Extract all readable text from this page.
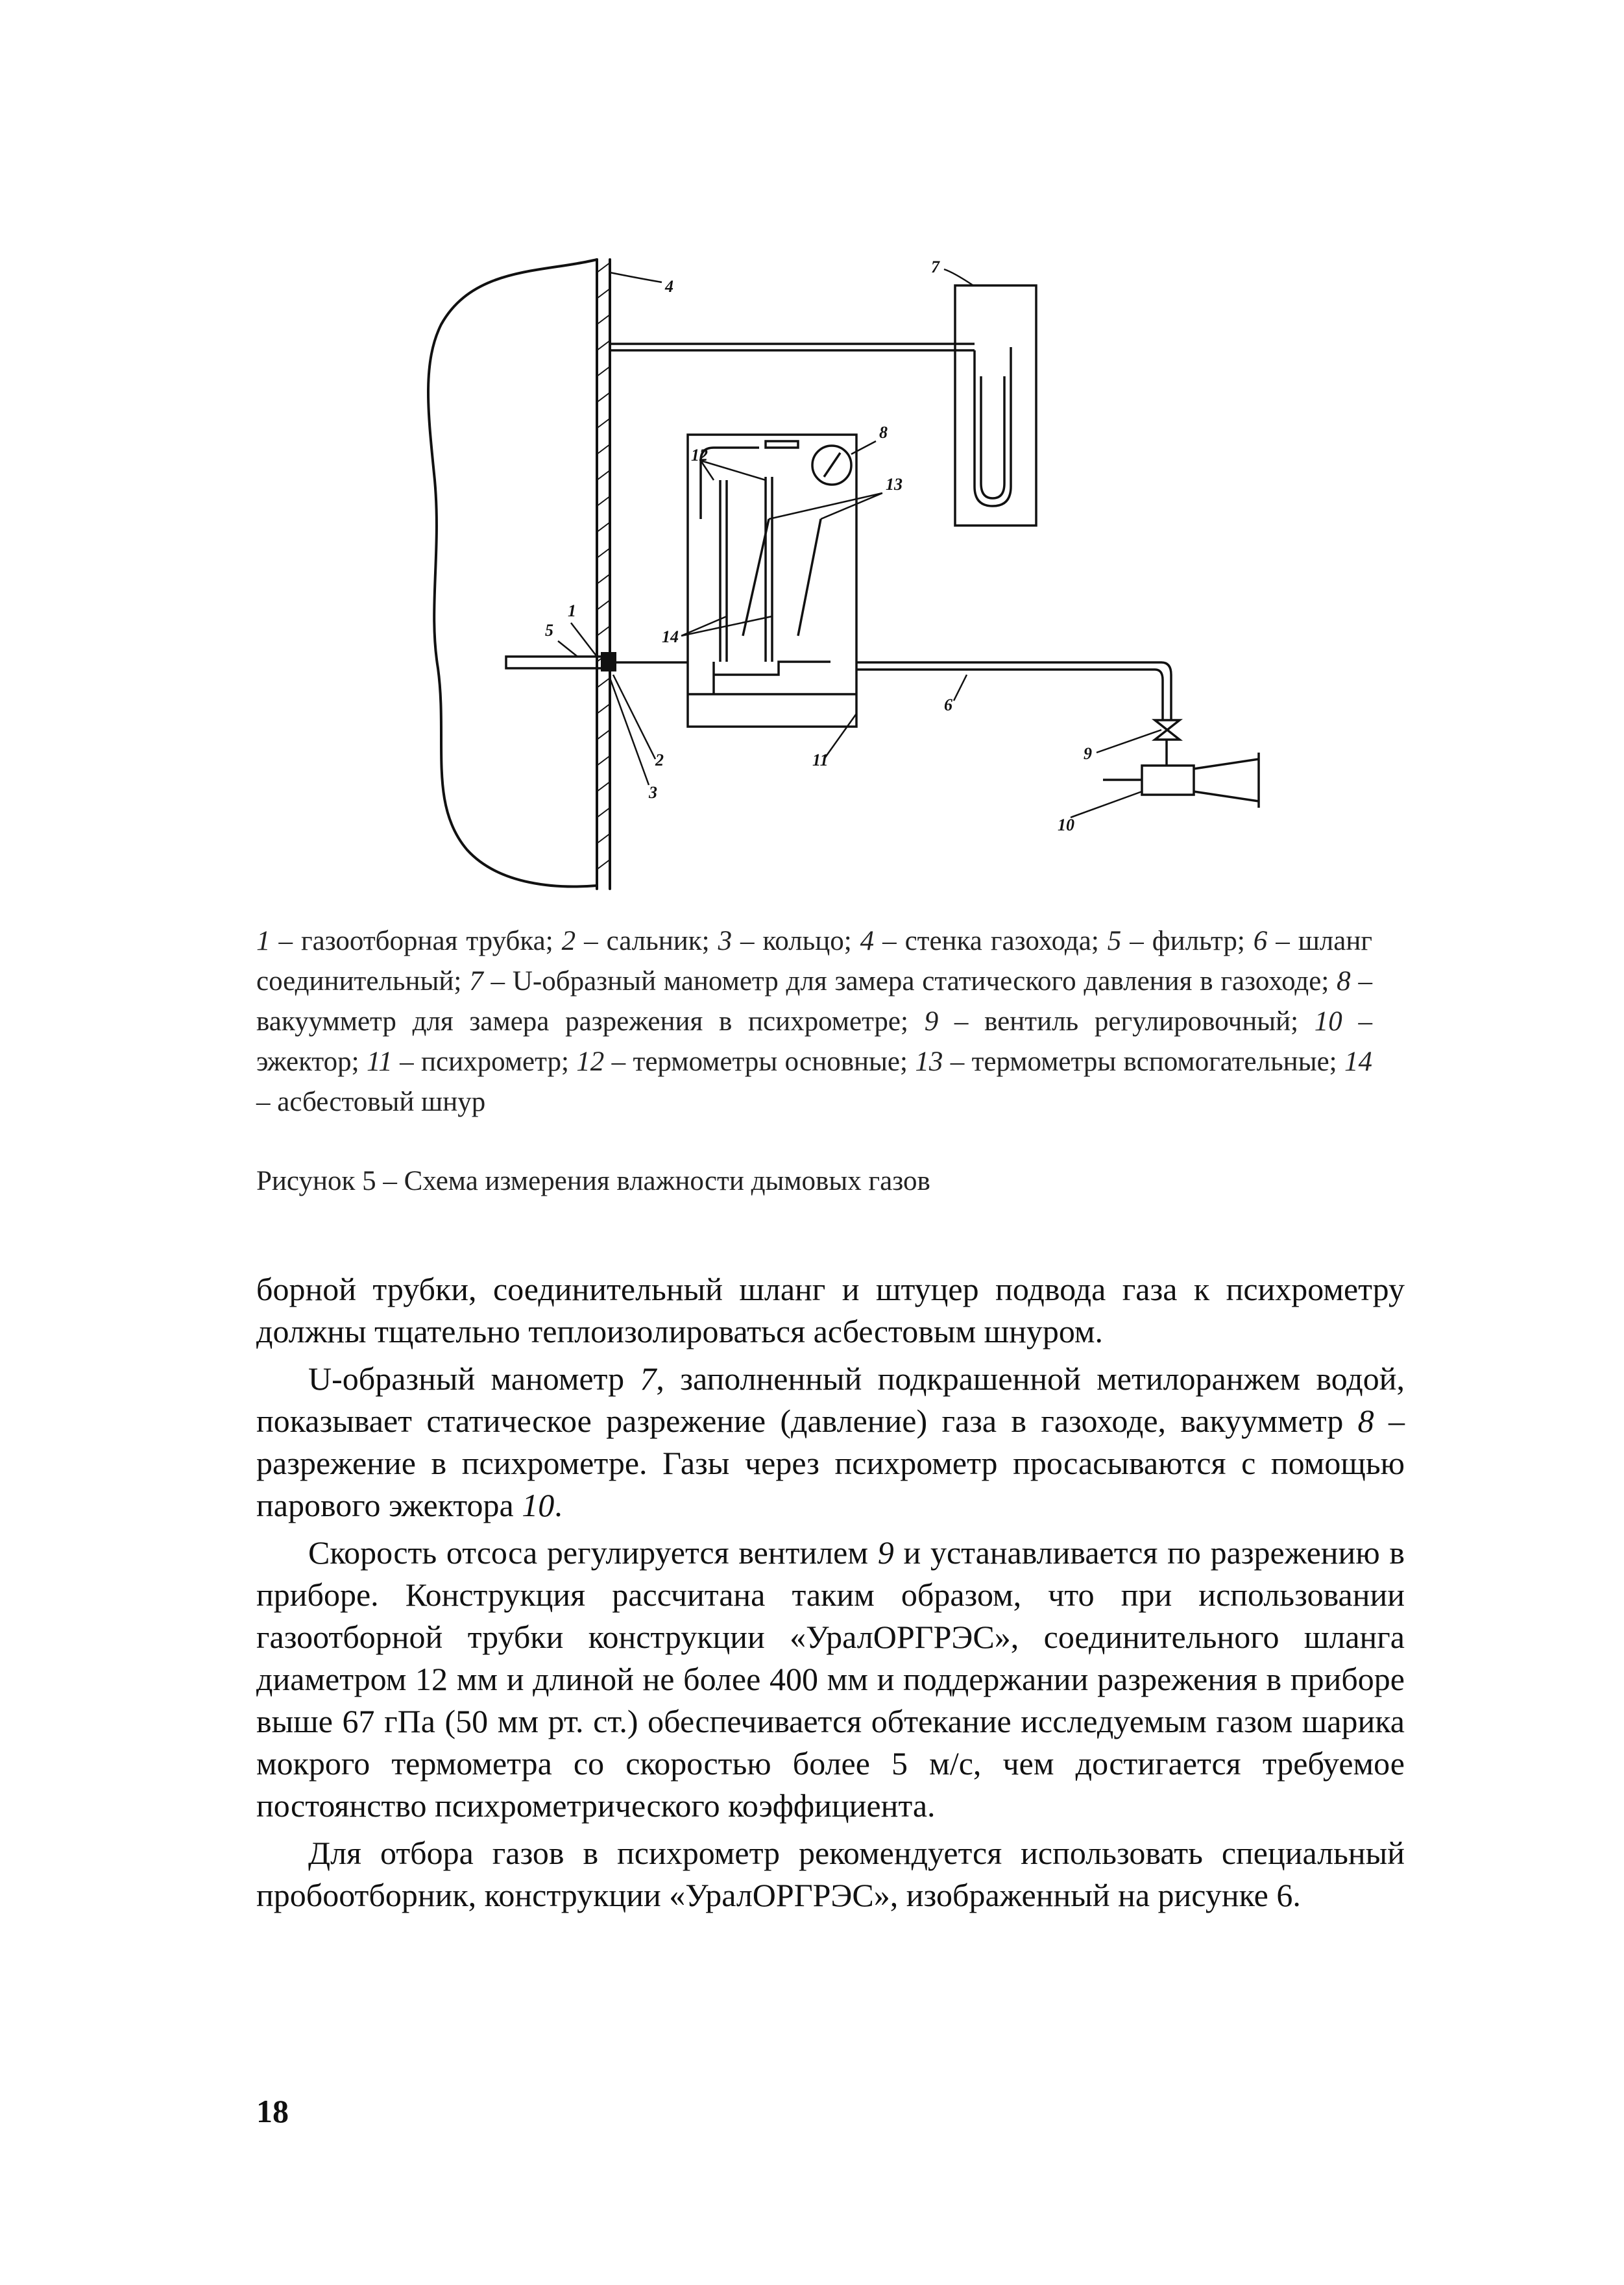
4
7
8
12
13
14
1
5
2
3
11
6
9
10
1 – газоотборная трубка; 2 – сальник; 3 – кольцо; 4 – стенка газохода; 5 – фильтр; 6 – шланг соединительный; 7 – U-образный манометр для замера статического давления в газоходе; 8 – вакуумметр для замера разрежения в психрометре; 9 – вентиль регулировочный; 10 – эжектор; 11 – психрометр; 12 – термометры основные; 13 – термометры вспомогательные; 14 – асбестовый шнур
Рисунок 5 – Схема измерения влажности дымовых газов

борной трубки, соединительный шланг и штуцер подвода газа к психрометру должны тщательно теплоизолироваться асбестовым шнуром.

U-образный манометр 7, заполненный подкрашенной метилоранжем водой, показывает статическое разрежение (давление) газа в газоходе, вакуумметр 8 – разрежение в психрометре. Газы через психрометр просасываются с помощью парового эжектора 10.

Скорость отсоса регулируется вентилем 9 и устанавливается по разрежению в приборе. Конструкция рассчитана таким образом, что при использовании газоотборной трубки конструкции «УралОРГРЭС», соединительного шланга диаметром 12 мм и длиной не более 400 мм и поддержании разрежения в приборе выше 67 гПа (50 мм рт. ст.) обеспечивается обтекание исследуемым газом шарика мокрого термометра со скоростью более 5 м/с, чем достигается требуемое постоянство психрометрического коэффициента.

Для отбора газов в психрометр рекомендуется использовать специальный пробоотборник, конструкции «УралОРГРЭС», изображенный на рисунке 6.

18
